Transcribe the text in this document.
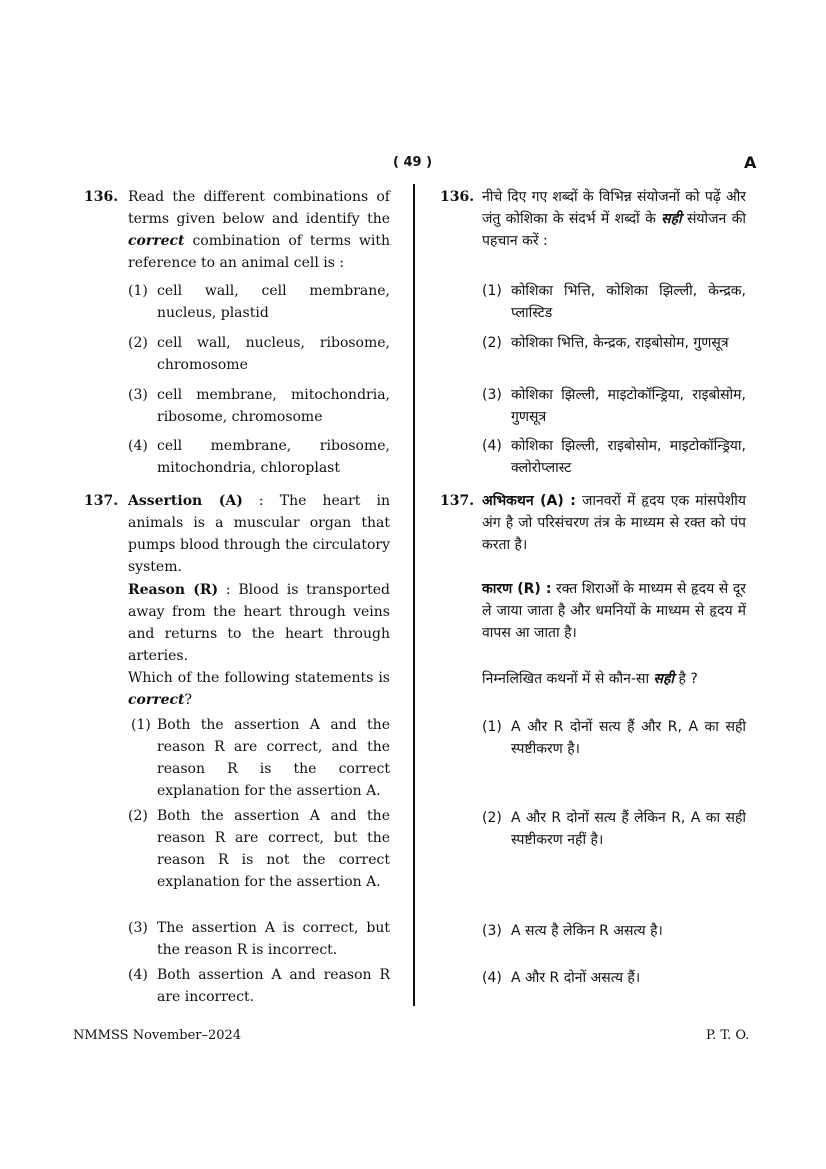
( 49 )	A
136. Read the different combinations of terms given below and identify the correct combination of terms with reference to an animal cell is :
(1) cell wall, cell membrane, nucleus, plastid
(2) cell wall, nucleus, ribosome, chromosome
(3) cell membrane, mitochondria, ribosome, chromosome
(4) cell membrane, ribosome, mitochondria, chloroplast
137. Assertion (A) : The heart in animals is a muscular organ that pumps blood through the circulatory system.
Reason (R) : Blood is transported away from the heart through veins and returns to the heart through arteries.
Which of the following statements is correct?
(1) Both the assertion A and the reason R are correct, and the reason R is the correct explanation for the assertion A.
(2) Both the assertion A and the reason R are correct, but the reason R is not the correct explanation for the assertion A.
(3) The assertion A is correct, but the reason R is incorrect.
(4) Both assertion A and reason R are incorrect.
136. नीचे दिए गए शब्दों के विभिन्न संयोजनों को पढ़ें और जंतु कोशिका के संदर्भ में शब्दों के सही संयोजन की पहचान करें :
(1) कोशिका भित्ति, कोशिका झिल्ली, केन्द्रक, प्लास्टिड
(2) कोशिका भित्ति, केन्द्रक, राइबोसोम, गुणसूत्र
(3) कोशिका झिल्ली, माइटोकॉन्ड्रिया, राइबोसोम, गुणसूत्र
(4) कोशिका झिल्ली, राइबोसोम, माइटोकॉन्ड्रिया, क्लोरोप्लास्ट
137. अभिकथन (A) : जानवरों में हृदय एक मांसपेशीय अंग है जो परिसंचरण तंत्र के माध्यम से रक्त को पंप करता है।
कारण (R) : रक्त शिराओं के माध्यम से हृदय से दूर ले जाया जाता है और धमनियों के माध्यम से हृदय में वापस आ जाता है।
निम्नलिखित कथनों में से कौन-सा सही है ?
(1) A और R दोनों सत्य हैं और R, A का सही स्पष्टीकरण है।
(2) A और R दोनों सत्य हैं लेकिन R, A का सही स्पष्टीकरण नहीं है।
(3) A सत्य है लेकिन R असत्य है।
(4) A और R दोनों असत्य हैं।
NMMSS November–2024	P. T. O.
